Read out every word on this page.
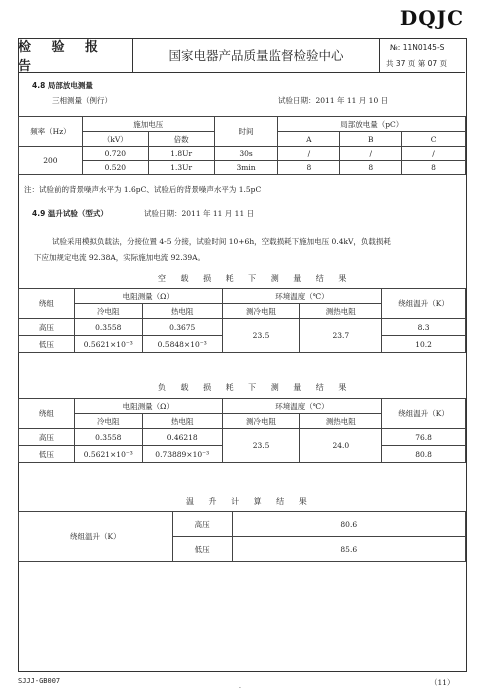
DQJC
检 验 报 告
国家电器产品质量监督检验中心
№: 11N0145-S
共 37 页 第 07 页
4.8 局部放电测量
三相测量（例行）	试验日期：2011 年 11 月 10 日
频率（Hz）	施加电压		时间	局部放电量（pC）		
	（kV）	倍数		A	B	C
200	0.720	1.8Ur	30s	/	/	/
	0.520	1.3Ur	3min	8	8	8
注：试验前的背景噪声水平为 1.6pC、试验后的背景噪声水平为 1.5pC
4.9 温升试验（型式）	试验日期：2011 年 11 月 11 日
试验采用模拟负载法，分接位置 4-5 分接，试验时间 10+6h，空载损耗下施加电压 0.4kV，负载损耗
下应加规定电流 92.38A，实际施加电流 92.39A。
空 载 损 耗 下 测 量 结 果
绕组	电阻测量（Ω）		环境温度（℃）		绕组温升（K）
	冷电阻	热电阻	测冷电阻	测热电阻	
高压	0.3558	0.3675	23.5	23.7	8.3
低压	0.5621×10⁻³	0.5848×10⁻³			10.2
负 载 损 耗 下 测 量 结 果
绕组	电阻测量（Ω）		环境温度（℃）		绕组温升（K）
	冷电阻	热电阻	测冷电阻	测热电阻	
高压	0.3558	0.46218	23.5	24.0	76.8
低压	0.5621×10⁻³	0.73889×10⁻³			80.8
温 升 计 算 结 果
绕组温升（K）	高压	80.6
	低压	85.6
SJJJ-GB007
.	（11）
